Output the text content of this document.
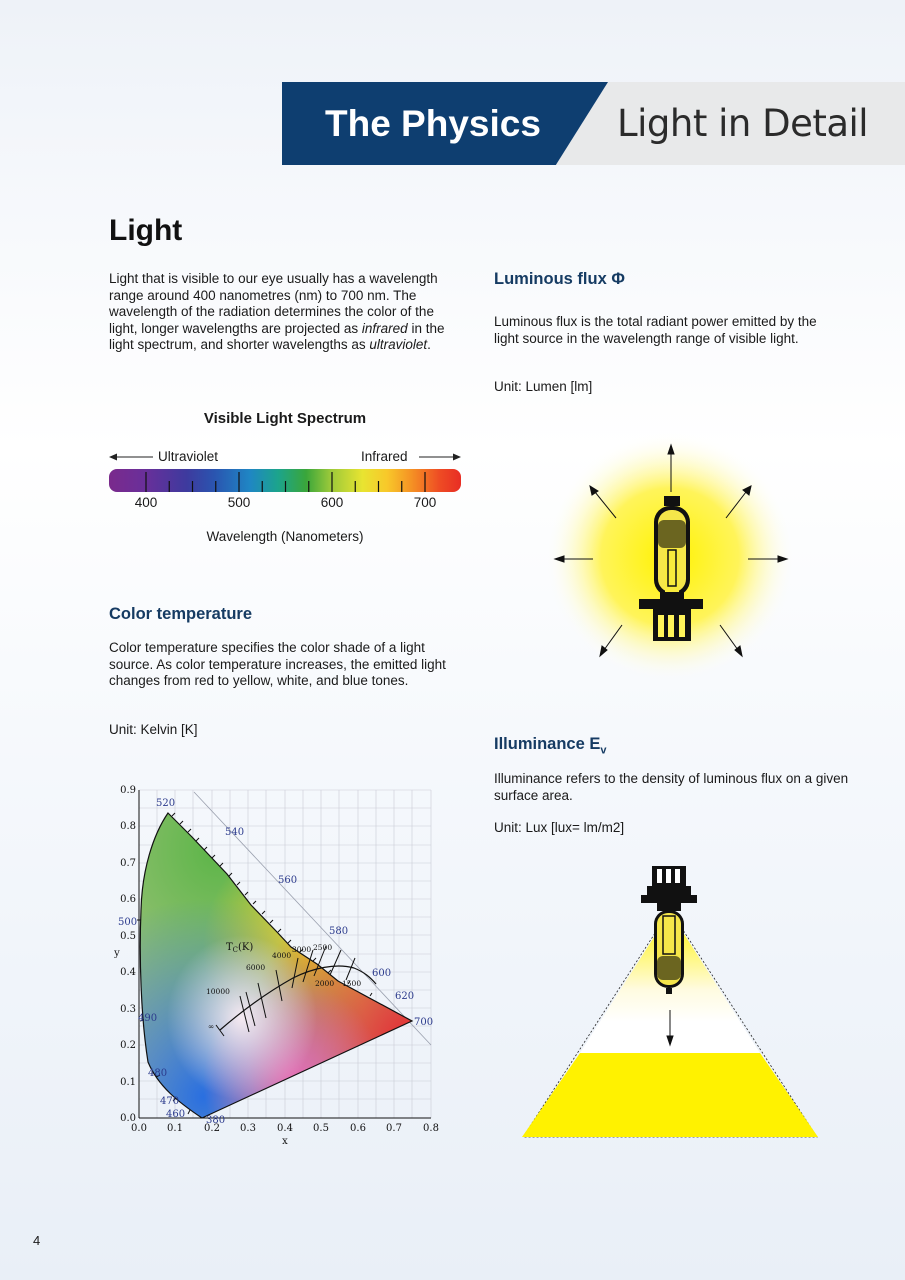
The Physics Light in Detail
Light

Light that is visible to our eye usually has a wavelength range around 400 nanometres (nm) to 700 nm. The wavelength of the radiation determines the color of the light, longer wavelengths are projected as infrared in the light spectrum, and shorter wavelengths as ultraviolet.

Visible Light Spectrum
Ultraviolet	Infrared
400	500	600	700
Wavelength (Nanometers)
Color temperature
Color temperature specifies the color shade of a light source. As color temperature increases, the emitted light changes from red to yellow, white, and blue tones.
Unit: Kelvin [K]
Luminous flux Φ
Luminous flux is the total radiant power emitted by the light source in the wavelength range of visible light.
Unit: Lumen [lm]
Illuminance $E_v$
Illuminance refers to the density of luminous flux on a given surface area.
Unit: Lux [lux= lm/m2]
0.0 0.1 0.2 0.3 0.4 0.5 0.6 0.7 0.8
x
0.0
0.1
0.2
0.3
0.4
0.5
0.6
0.7
0.8
0.9
y
520
540
560
580
600
620
700
500
490
480
470
460
380
$T_C(K)$
10000
6000
4000
3000 2500
2000 1500
∞
4
